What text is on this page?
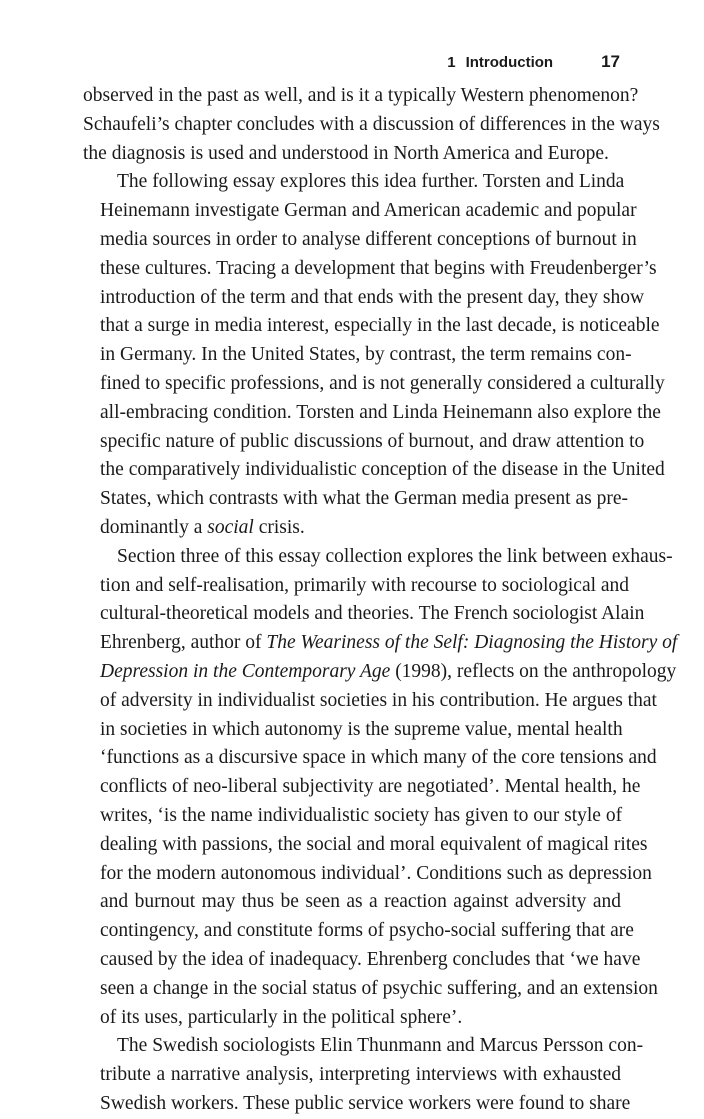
1 Introduction	17

observed in the past as well, and is it a typically Western phenomenon?
Schaufeli’s chapter concludes with a discussion of differences in the ways
the diagnosis is used and understood in North America and Europe.

The following essay explores this idea further. Torsten and Linda
Heinemann investigate German and American academic and popular
media sources in order to analyse different conceptions of burnout in
these cultures. Tracing a development that begins with Freudenberger’s
introduction of the term and that ends with the present day, they show
that a surge in media interest, especially in the last decade, is noticeable
in Germany. In the United States, by contrast, the term remains con-
fined to specific professions, and is not generally considered a culturally
all-embracing condition. Torsten and Linda Heinemann also explore the
specific nature of public discussions of burnout, and draw attention to
the comparatively individualistic conception of the disease in the United
States, which contrasts with what the German media present as pre-
dominantly a social crisis.

Section three of this essay collection explores the link between exhaus-
tion and self-realisation, primarily with recourse to sociological and
cultural-theoretical models and theories. The French sociologist Alain
Ehrenberg, author of The Weariness of the Self: Diagnosing the History of
Depression in the Contemporary Age (1998), reflects on the anthropology
of adversity in individualist societies in his contribution. He argues that
in societies in which autonomy is the supreme value, mental health
‘functions as a discursive space in which many of the core tensions and
conflicts of neo-liberal subjectivity are negotiated’. Mental health, he
writes, ‘is the name individualistic society has given to our style of
dealing with passions, the social and moral equivalent of magical rites
for the modern autonomous individual’. Conditions such as depression
and burnout may thus be seen as a reaction against adversity and
contingency, and constitute forms of psycho-social suffering that are
caused by the idea of inadequacy. Ehrenberg concludes that ‘we have
seen a change in the social status of psychic suffering, and an extension
of its uses, particularly in the political sphere’.

The Swedish sociologists Elin Thunmann and Marcus Persson con-
tribute a narrative analysis, interpreting interviews with exhausted
Swedish workers. These public service workers were found to share
